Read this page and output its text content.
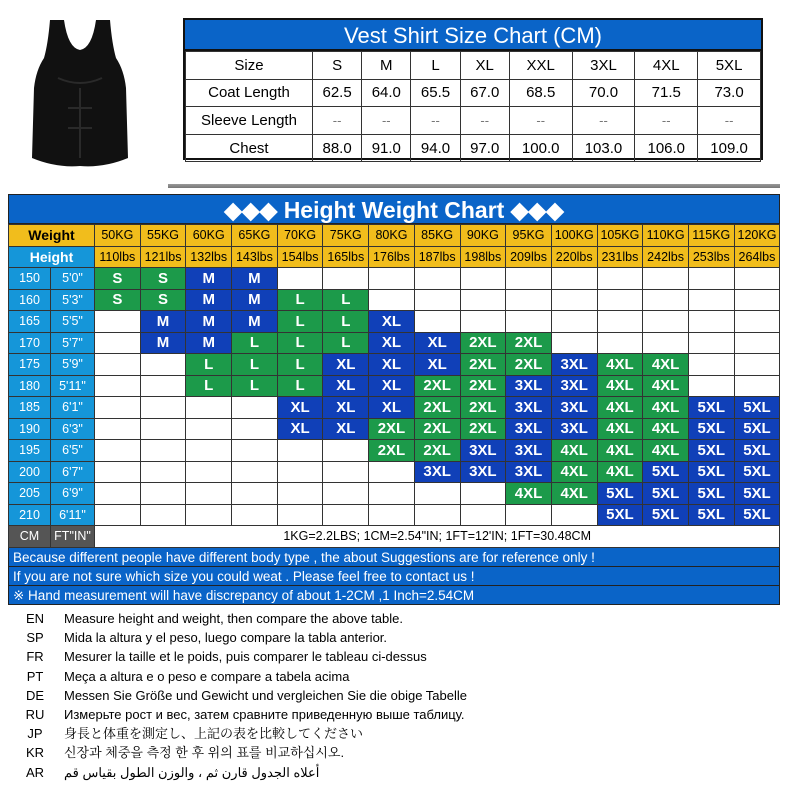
Vest Shirt Size Chart (CM)
Size	S	M	L	XL	XXL	3XL	4XL	5XL
Coat Length	62.5	64.0	65.5	67.0	68.5	70.0	71.5	73.0
Sleeve Length	--	--	--	--	--	--	--	--
Chest	88.0	91.0	94.0	97.0	100.0	103.0	106.0	109.0
◆◆◆ Height Weight Chart ◆◆◆
Weight		50KG	55KG	60KG	65KG	70KG	75KG	80KG	85KG	90KG	95KG	100KG	105KG	110KG	115KG	120KG
Height		110lbs	121lbs	132lbs	143lbs	154lbs	165lbs	176lbs	187lbs	198lbs	209lbs	220lbs	231lbs	242lbs	253lbs	264lbs
150	5'0"	S	S	M	M											
160	5'3"	S	S	M	M	L	L									
165	5'5"		M	M	M	L	L	XL								
170	5'7"		M	M	L	L	L	XL	XL	2XL	2XL					
175	5'9"			L	L	L	XL	XL	XL	2XL	2XL	3XL	4XL	4XL		
180	5'11"			L	L	L	XL	XL	2XL	2XL	3XL	3XL	4XL	4XL		
185	6'1"					XL	XL	XL	2XL	2XL	3XL	3XL	4XL	4XL	5XL	5XL
190	6'3"					XL	XL	2XL	2XL	2XL	3XL	3XL	4XL	4XL	5XL	5XL
195	6'5"							2XL	2XL	3XL	3XL	4XL	4XL	4XL	5XL	5XL
200	6'7"								3XL	3XL	3XL	4XL	4XL	5XL	5XL	5XL
205	6'9"										4XL	4XL	5XL	5XL	5XL	5XL
210	6'11"												5XL	5XL	5XL	5XL
CM	FT"IN"	1KG=2.2LBS; 1CM=2.54"IN; 1FT=12'IN; 1FT=30.48CM														
Because different people have different body type , the about Suggestions are for reference only !
If you are not sure which size you could weat . Please feel free to contact us !
※ Hand measurement will have discrepancy of about 1-2CM ,1 Inch=2.54CM
EN	Measure height and weight, then compare the above table.
SP	Mida la altura y el peso, luego compare la tabla anterior.
FR	Mesurer la taille et le poids, puis comparer le tableau ci-dessus
PT	Meça a altura e o peso e compare a tabela acima
DE	Messen Sie Größe und Gewicht und vergleichen Sie die obige Tabelle
RU	Измерьте рост и вес, затем сравните приведенную выше таблицу.
JP	身長と体重を測定し、上記の表を比較してください
KR	신장과 체중을 측정 한 후 위의 표를 비교하십시오.
AR	أعلاه الجدول قارن ثم ، والوزن الطول بقياس قم
